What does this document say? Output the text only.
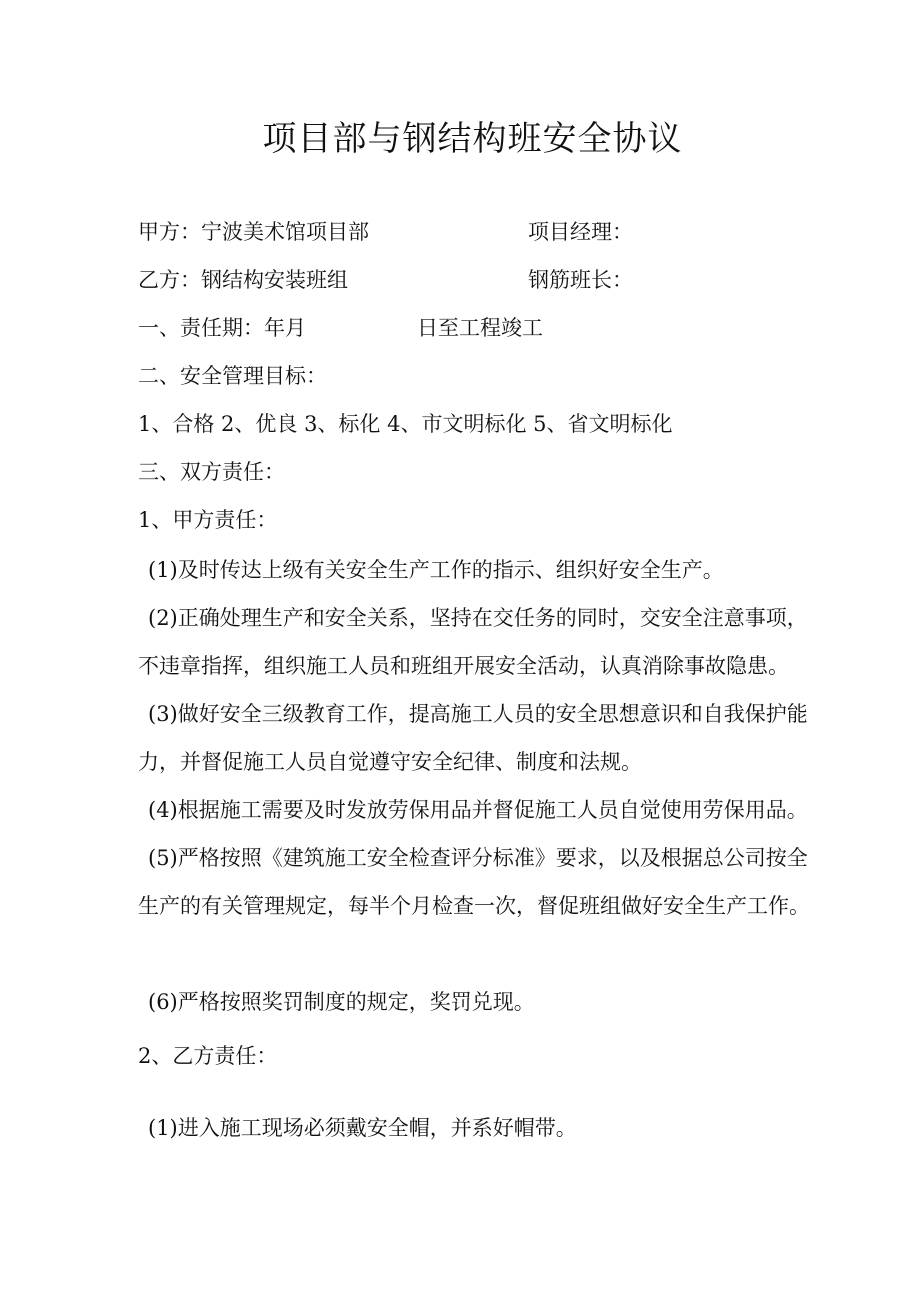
项目部与钢结构班安全协议
甲方：宁波美术馆项目部	项目经理：
乙方：钢结构安装班组	钢筋班长：
一、责任期：年月	日至工程竣工
二、安全管理目标：
1、合格 2、优良 3、标化 4、市文明标化 5、省文明标化
三、双方责任：
1、甲方责任：
(1)及时传达上级有关安全生产工作的指示、组织好安全生产。
(2)正确处理生产和安全关系，坚持在交任务的同时，交安全注意事项，不违章指挥，组织施工人员和班组开展安全活动，认真消除事故隐患。
(3)做好安全三级教育工作，提高施工人员的安全思想意识和自我保护能力，并督促施工人员自觉遵守安全纪律、制度和法规。
(4)根据施工需要及时发放劳保用品并督促施工人员自觉使用劳保用品。
(5)严格按照《建筑施工安全检查评分标准》要求，以及根据总公司按全生产的有关管理规定，每半个月检查一次，督促班组做好安全生产工作。
(6)严格按照奖罚制度的规定，奖罚兑现。
2、乙方责任：
(1)进入施工现场必须戴安全帽，并系好帽带。
